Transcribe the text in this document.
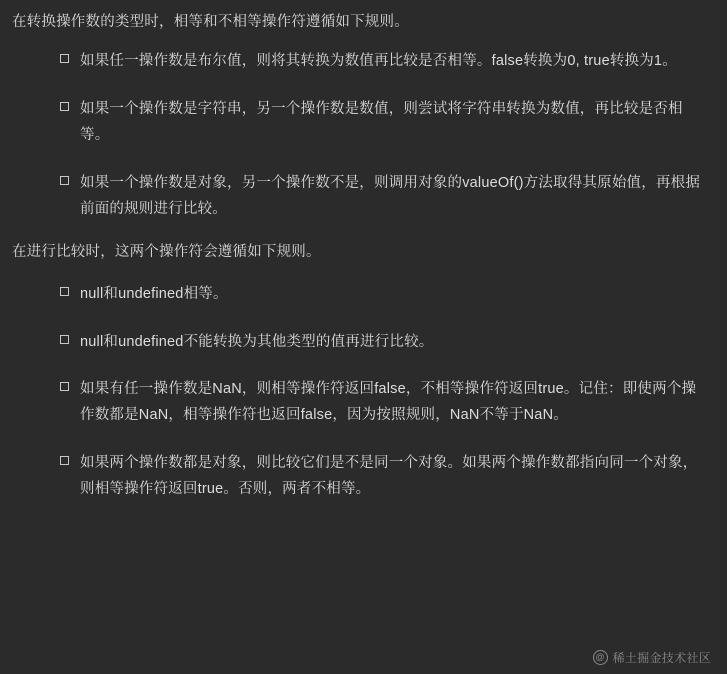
在转换操作数的类型时，相等和不相等操作符遵循如下规则。

如果任一操作数是布尔值，则将其转换为数值再比较是否相等。false转换为0, true转换为1。
如果一个操作数是字符串，另一个操作数是数值，则尝试将字符串转换为数值，再比较是否相等。
如果一个操作数是对象，另一个操作数不是，则调用对象的valueOf()方法取得其原始值，再根据前面的规则进行比较。

在进行比较时，这两个操作符会遵循如下规则。

null和undefined相等。
null和undefined不能转换为其他类型的值再进行比较。
如果有任一操作数是NaN，则相等操作符返回false，不相等操作符返回true。记住：即使两个操作数都是NaN，相等操作符也返回false，因为按照规则，NaN不等于NaN。
如果两个操作数都是对象，则比较它们是不是同一个对象。如果两个操作数都指向同一个对象，则相等操作符返回true。否则，两者不相等。
@ 稀土掘金技术社区
